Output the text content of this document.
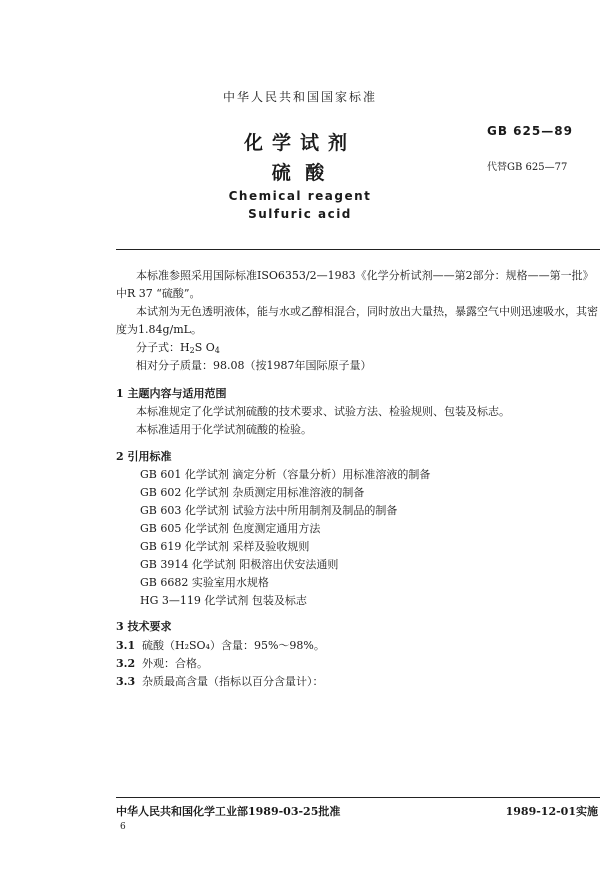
中华人民共和国国家标准
化学试剂
硫 酸
Chemical reagent
Sulfuric acid
GB 625—89
代替GB 625—77
本标准参照采用国际标准ISO6353/2—1983《化学分析试剂——第2部分：规格——第一批》
中R 37 “硫酸”。
本试剂为无色透明液体，能与水或乙醇相混合，同时放出大量热，暴露空气中则迅速吸水，其密
度为1.84g/mL。
分子式：$H_2S$ $O_4$
相对分子质量：98.08（按1987年国际原子量）
1 主题内容与适用范围
本标准规定了化学试剂硫酸的技术要求、试验方法、检验规则、包装及标志。
本标准适用于化学试剂硫酸的检验。
2 引用标准
GB 601 化学试剂 滴定分析（容量分析）用标准溶液的制备
GB 602 化学试剂 杂质测定用标准溶液的制备
GB 603 化学试剂 试验方法中所用制剂及制品的制备
GB 605 化学试剂 色度测定通用方法
GB 619 化学试剂 采样及验收规则
GB 3914 化学试剂 阳极溶出伏安法通则
GB 6682 实验室用水规格
HG 3—119 化学试剂 包装及标志
3 技术要求
3.1 硫酸（H₂SO₄）含量：95%～98%。
3.2 外观：合格。
3.3 杂质最高含量（指标以百分含量计）：
中华人民共和国化学工业部1989-03-25批准	1989-12-01实施
6
